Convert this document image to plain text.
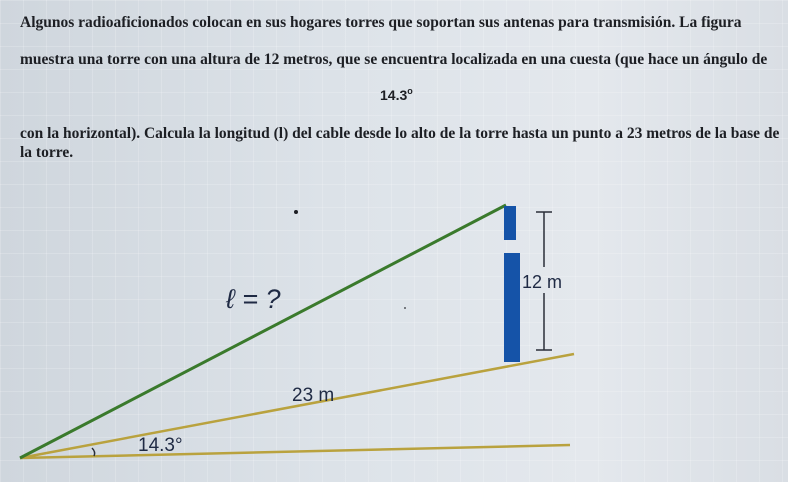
Algunos radioaficionados colocan en sus hogares torres que soportan sus antenas para transmisión. La figura
muestra una torre con una altura de 12 metros, que se encuentra localizada en una cuesta (que hace un ángulo de
14.3$^o$
con la horizontal). Calcula la longitud (l) del cable desde lo alto de la torre hasta un punto a 23 metros de la base de
la torre.
ℓ = ?
12 m
23 m
14.3°
